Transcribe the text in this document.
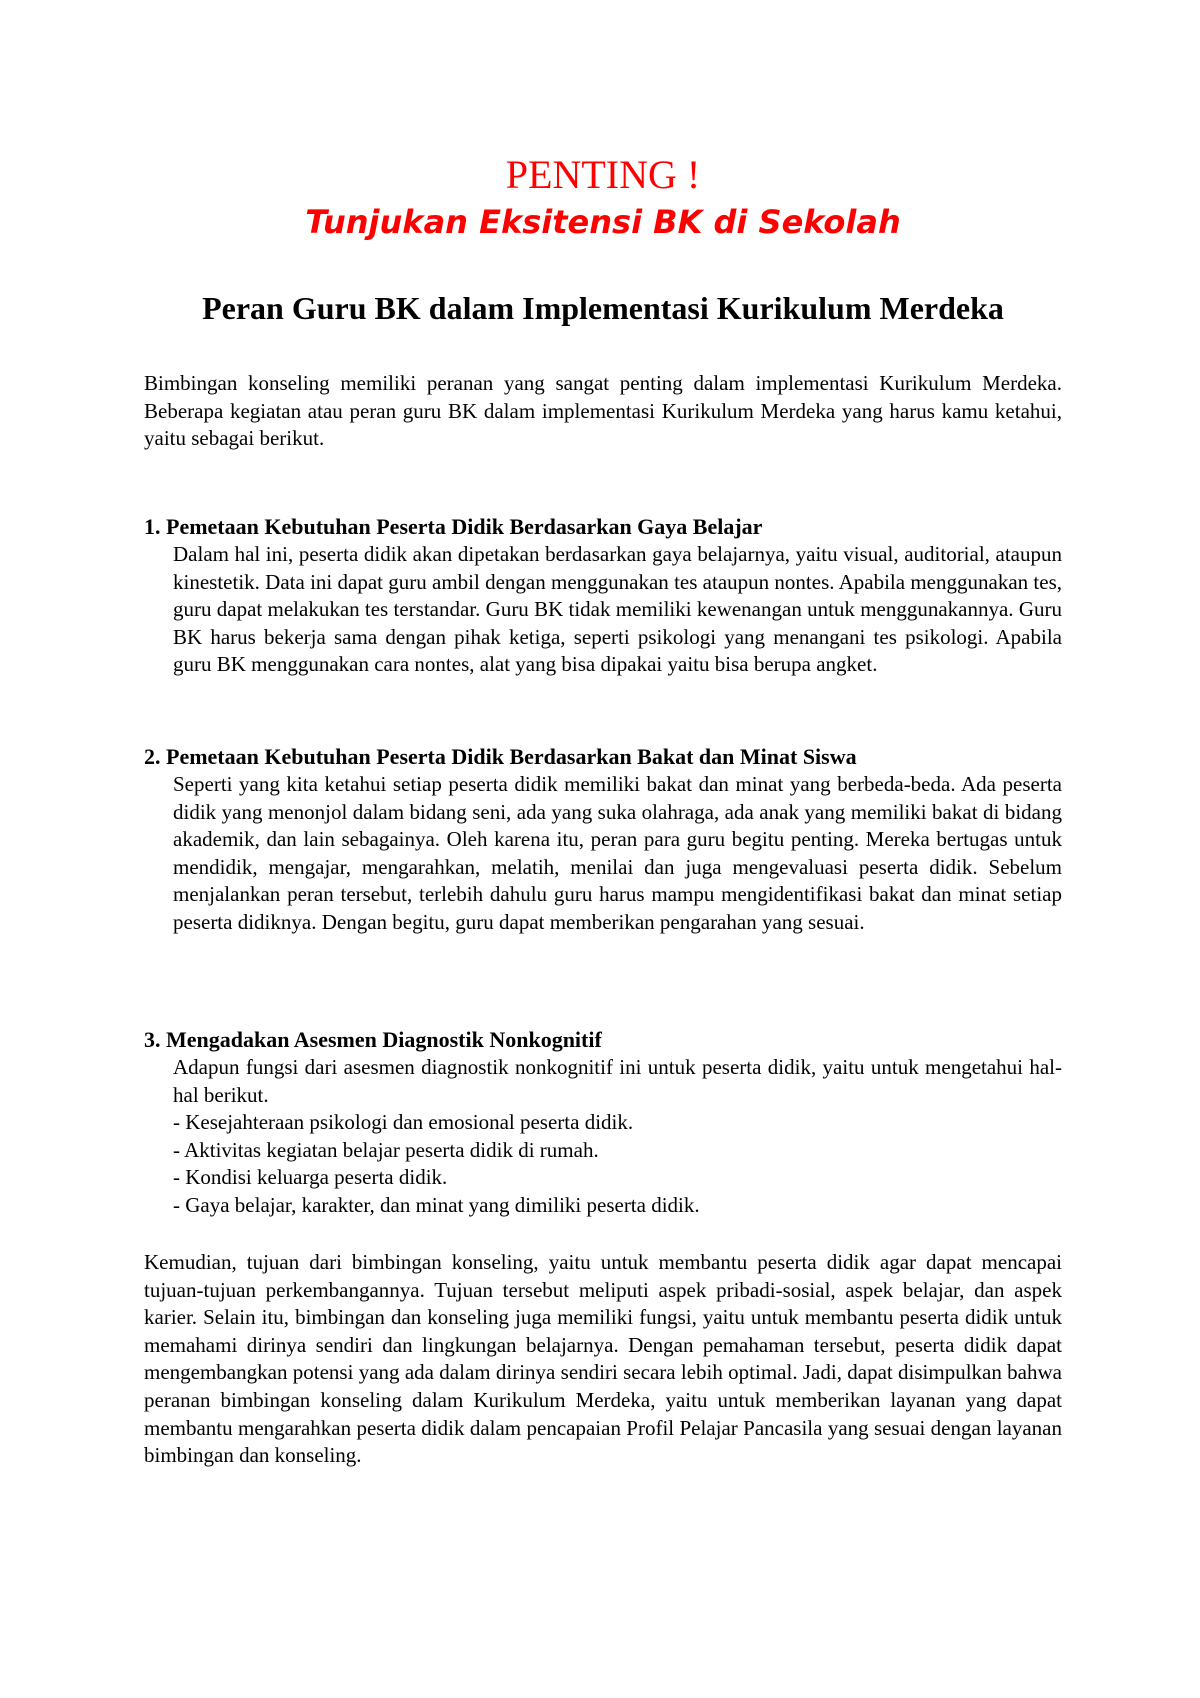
PENTING !
Tunjukan Eksitensi BK di Sekolah
Peran Guru BK dalam Implementasi Kurikulum Merdeka

Bimbingan konseling memiliki peranan yang sangat penting dalam implementasi Kurikulum Merdeka. Beberapa kegiatan atau peran guru BK dalam implementasi Kurikulum Merdeka yang harus kamu ketahui, yaitu sebagai berikut.

1. Pemetaan Kebutuhan Peserta Didik Berdasarkan Gaya Belajar

Dalam hal ini, peserta didik akan dipetakan berdasarkan gaya belajarnya, yaitu visual, auditorial, ataupun kinestetik. Data ini dapat guru ambil dengan menggunakan tes ataupun nontes. Apabila menggunakan tes, guru dapat melakukan tes terstandar. Guru BK tidak memiliki kewenangan untuk menggunakannya. Guru BK harus bekerja sama dengan pihak ketiga, seperti psikologi yang menangani tes psikologi. Apabila guru BK menggunakan cara nontes, alat yang bisa dipakai yaitu bisa berupa angket.

2. Pemetaan Kebutuhan Peserta Didik Berdasarkan Bakat dan Minat Siswa

Seperti yang kita ketahui setiap peserta didik memiliki bakat dan minat yang berbeda-beda. Ada peserta didik yang menonjol dalam bidang seni, ada yang suka olahraga, ada anak yang memiliki bakat di bidang akademik, dan lain sebagainya. Oleh karena itu, peran para guru begitu penting. Mereka bertugas untuk mendidik, mengajar, mengarahkan, melatih, menilai dan juga mengevaluasi peserta didik. Sebelum menjalankan peran tersebut, terlebih dahulu guru harus mampu mengidentifikasi bakat dan minat setiap peserta didiknya. Dengan begitu, guru dapat memberikan pengarahan yang sesuai.

3. Mengadakan Asesmen Diagnostik Nonkognitif

Adapun fungsi dari asesmen diagnostik nonkognitif ini untuk peserta didik, yaitu untuk mengetahui hal-hal berikut.

- Kesejahteraan psikologi dan emosional peserta didik.

- Aktivitas kegiatan belajar peserta didik di rumah.

- Kondisi keluarga peserta didik.

- Gaya belajar, karakter, dan minat yang dimiliki peserta didik.

Kemudian, tujuan dari bimbingan konseling, yaitu untuk membantu peserta didik agar dapat mencapai tujuan-tujuan perkembangannya. Tujuan tersebut meliputi aspek pribadi-sosial, aspek belajar, dan aspek karier. Selain itu, bimbingan dan konseling juga memiliki fungsi, yaitu untuk membantu peserta didik untuk memahami dirinya sendiri dan lingkungan belajarnya. Dengan pemahaman tersebut, peserta didik dapat mengembangkan potensi yang ada dalam dirinya sendiri secara lebih optimal. Jadi, dapat disimpulkan bahwa peranan bimbingan konseling dalam Kurikulum Merdeka, yaitu untuk memberikan layanan yang dapat membantu mengarahkan peserta didik dalam pencapaian Profil Pelajar Pancasila yang sesuai dengan layanan bimbingan dan konseling.
